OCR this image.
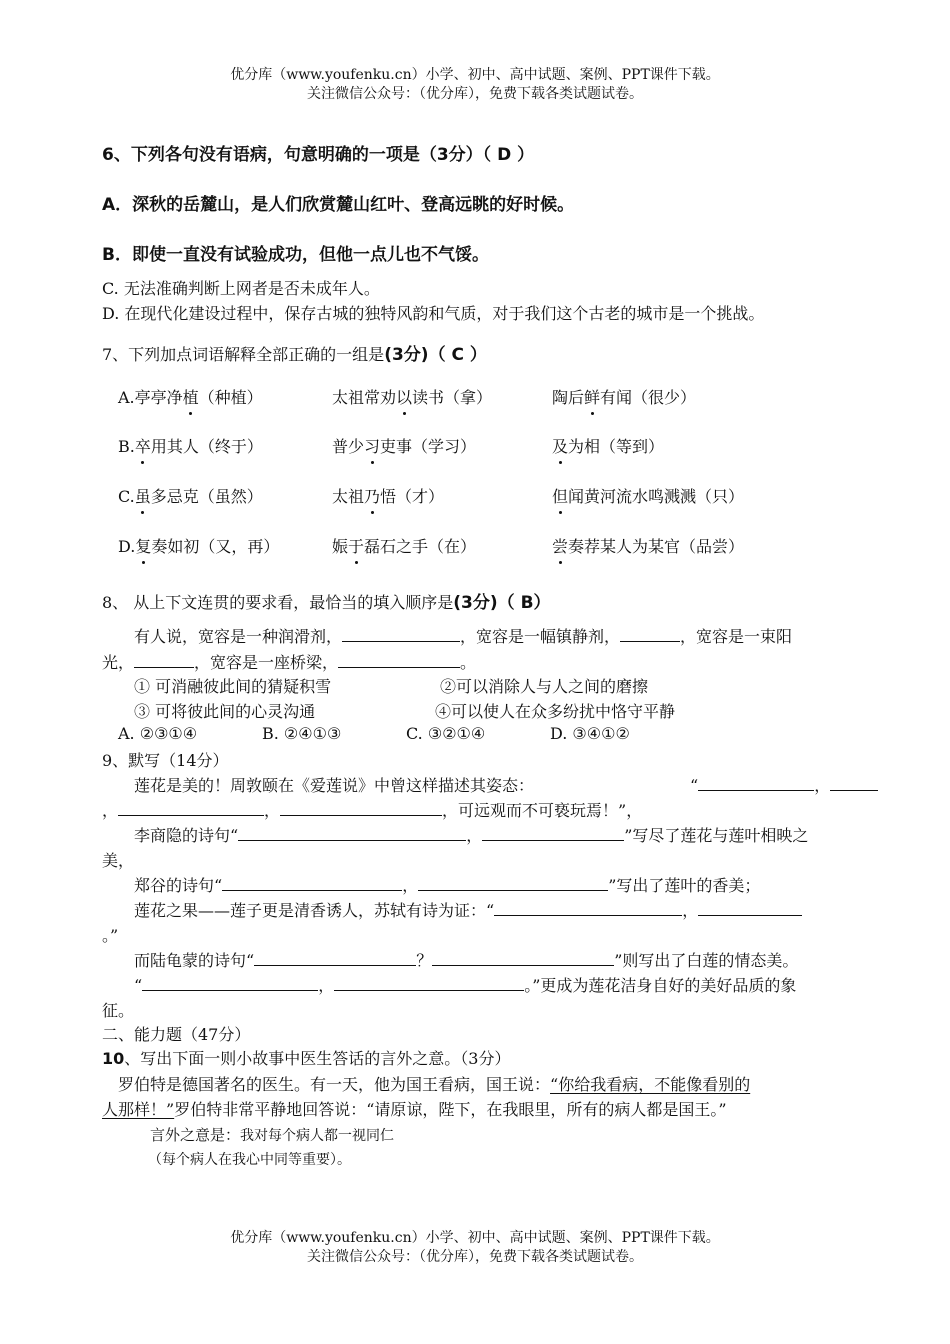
优分库（www.youfenku.cn）小学、初中、高中试题、案例、PPT课件下载。
关注微信公众号：（优分库），免费下载各类试题试卷。
6、下列各句没有语病，句意明确的一项是（3分）（ D ）
A．深秋的岳麓山，是人们欣赏麓山红叶、登高远眺的好时候。
B．即使一直没有试验成功，但他一点儿也不气馁。
C. 无法准确判断上网者是否未成年人。
D. 在现代化建设过程中，保存古城的独特风韵和气质，对于我们这个古老的城市是一个挑战。
7、下列加点词语解释全部正确的一组是(3分)（ C ）
A.亭亭净植（种植）	太祖常劝以读书（拿）	陶后鲜有闻（很少）
B.卒用其人（终于）	普少习吏事（学习）	及为相（等到）
C.虽多忌克（虽然）	太祖乃悟（才）	但闻黄河流水鸣溅溅（只）
D.复奏如初（又，再）	娠于磊石之手（在）	尝奏荐某人为某官（品尝）
8、 从上下文连贯的要求看，最恰当的填入顺序是(3分)（ B）
有人说，宽容是一种润滑剂，	，宽容是一幅镇静剂，	，宽容是一束阳
光，	，宽容是一座桥梁，	。
① 可消融彼此间的猜疑积雪	②可以消除人与人之间的磨擦
③ 可将彼此间的心灵沟通	④可以使人在众多纷扰中恪守平静
A. ②③①④	B. ②④①③	C. ③②①④	D. ③④①②
9、默写（14分）
莲花是美的！周敦颐在《爱莲说》中曾这样描述其姿态：	“	，
，	，	，可远观而不可亵玩焉！”，
李商隐的诗句“	，	”写尽了莲花与莲叶相映之
美，
郑谷的诗句“	，	”写出了莲叶的香美；
莲花之果——莲子更是清香诱人，苏轼有诗为证：“	，
。”
而陆龟蒙的诗句“	？	”则写出了白莲的情态美。
“	，	。”更成为莲花洁身自好的美好品质的象
征。
二、能力题（47分）
10、写出下面一则小故事中医生答话的言外之意。（3分）
罗伯特是德国著名的医生。有一天，他为国王看病，国王说：“你给我看病，不能像看别的
人那样！”罗伯特非常平静地回答说：“请原谅，陛下，在我眼里，所有的病人都是国王。”
言外之意是：我对每个病人都一视同仁
（每个病人在我心中同等重要）。
优分库（www.youfenku.cn）小学、初中、高中试题、案例、PPT课件下载。
关注微信公众号：（优分库），免费下载各类试题试卷。
